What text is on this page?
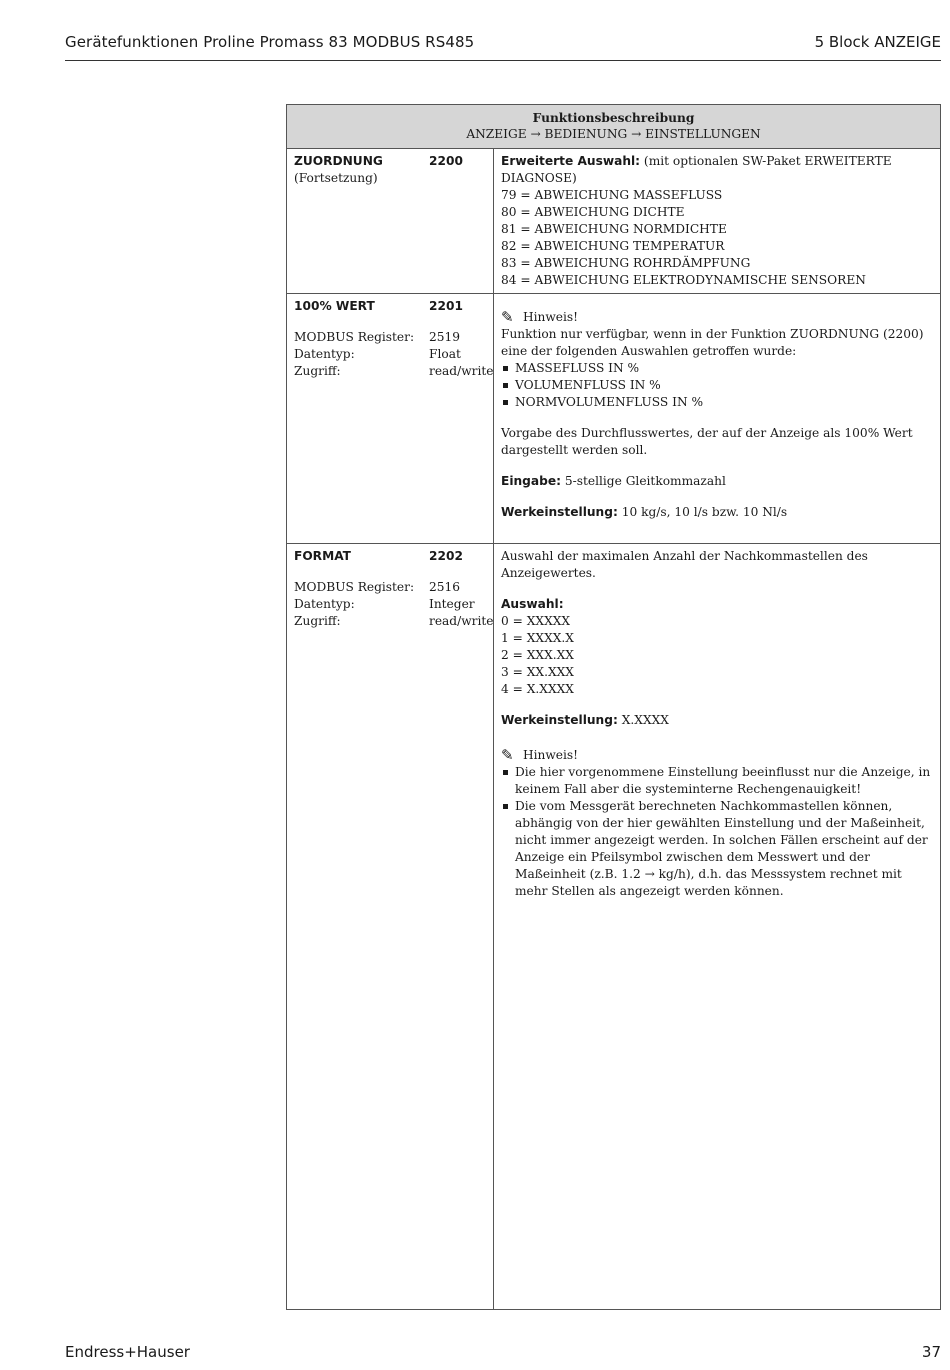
Gerätefunktionen Proline Promass 83 MODBUS RS485	5 Block ANZEIGE
Funktionsbeschreibung
ANZEIGE → BEDIENUNG → EINSTELLUNGEN
ZUORDNUNG	2200
(Fortsetzung)

Erweiterte Auswahl: (mit optionalen SW-Paket ERWEITERTE DIAGNOSE)

79 = ABWEICHUNG MASSEFLUSS

80 = ABWEICHUNG DICHTE

81 = ABWEICHUNG NORMDICHTE

82 = ABWEICHUNG TEMPERATUR

83 = ABWEICHUNG ROHRDÄMPFUNG

84 = ABWEICHUNG ELEKTRODYNAMISCHE SENSOREN

100% WERT	2201
MODBUS Register: 2519
Datentyp:	Float
Zugriff:	read/write

✎ Hinweis!

Funktion nur verfügbar, wenn in der Funktion ZUORDNUNG (2200) eine der folgenden Auswahlen getroffen wurde:

MASSEFLUSS IN %
VOLUMENFLUSS IN %
NORMVOLUMENFLUSS IN %

Vorgabe des Durchflusswertes, der auf der Anzeige als 100% Wert dargestellt werden soll.

Eingabe: 5-stellige Gleitkommazahl

Werkeinstellung: 10 kg/s, 10 l/s bzw. 10 Nl/s

FORMAT	2202
MODBUS Register: 2516
Datentyp:	Integer
Zugriff:	read/write

Auswahl der maximalen Anzahl der Nachkommastellen des Anzeigewertes.

Auswahl:

0 = XXXXX

1 = XXXX.X

2 = XXX.XX

3 = XX.XXX

4 = X.XXXX

Werkeinstellung: X.XXXX

✎ Hinweis!

Die hier vorgenommene Einstellung beeinflusst nur die Anzeige, in keinem Fall aber die systeminterne Rechengenauigkeit!
Die vom Messgerät berechneten Nachkommastellen können, abhängig von der hier gewählten Einstellung und der Maßeinheit, nicht immer angezeigt werden. In solchen Fällen erscheint auf der Anzeige ein Pfeilsymbol zwischen dem Messwert und der Maßeinheit (z.B. 1.2 → kg/h), d.h. das Messsystem rechnet mit mehr Stellen als angezeigt werden können.
Endress+Hauser	37
